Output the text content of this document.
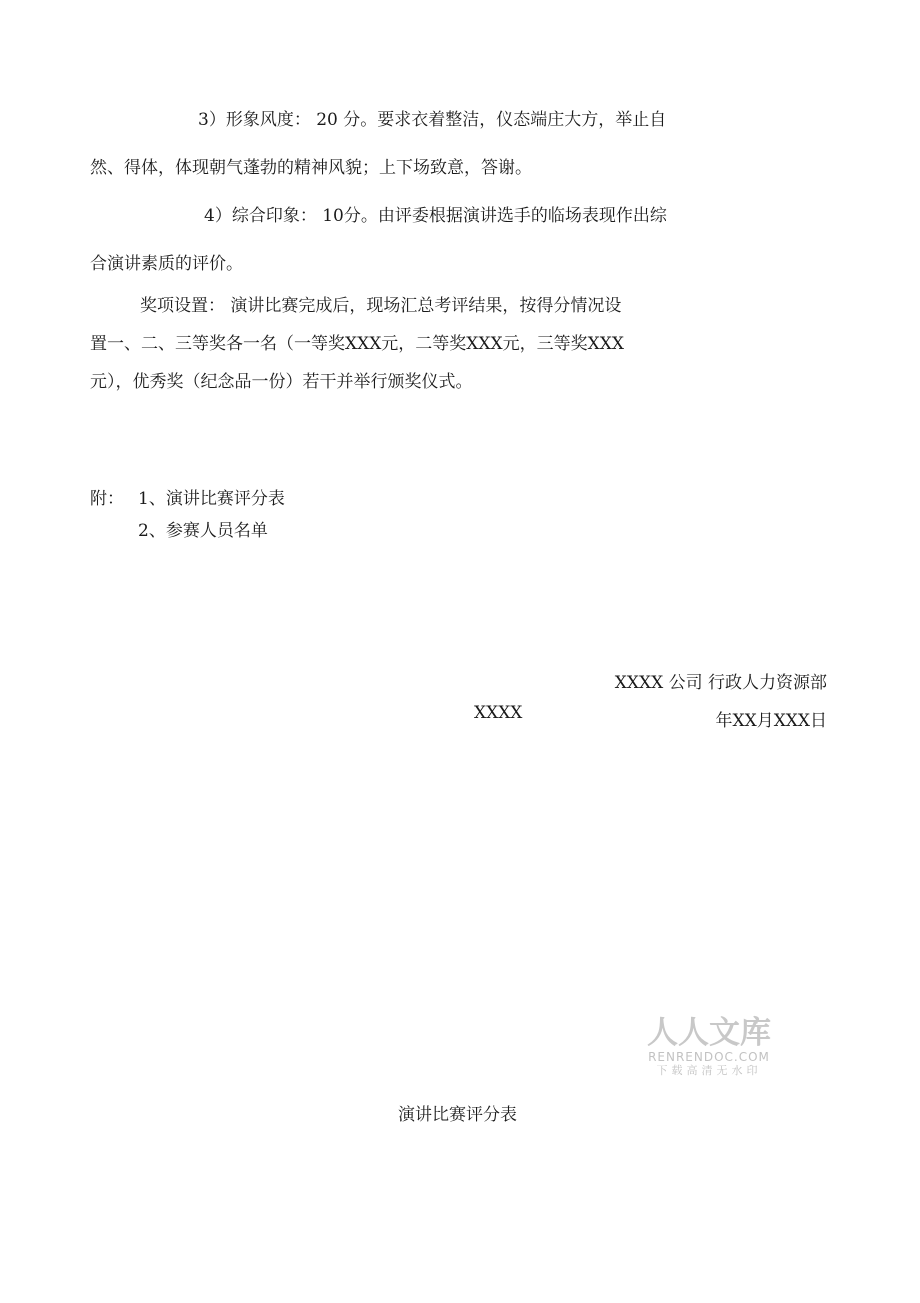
3）形象风度： 20 分。要求衣着整洁，仪态端庄大方，举止自
然、得体，体现朝气蓬勃的精神风貌；上下场致意，答谢。
4）综合印象： 10分。由评委根据演讲选手的临场表现作出综
合演讲素质的评价。
奖项设置： 演讲比赛完成后，现场汇总考评结果，按得分情况设
置一、二、三等奖各一名（一等奖XXX元，二等奖XXX元，三等奖XXX
元），优秀奖（纪念品一份）若干并举行颁奖仪式。
附： 1、演讲比赛评分表
2、参赛人员名单
XXXX 公司 行政人力资源部
XXXX	年XX月XXX日
人人文库
RENRENDOC.COM
下载高清无水印
演讲比赛评分表
